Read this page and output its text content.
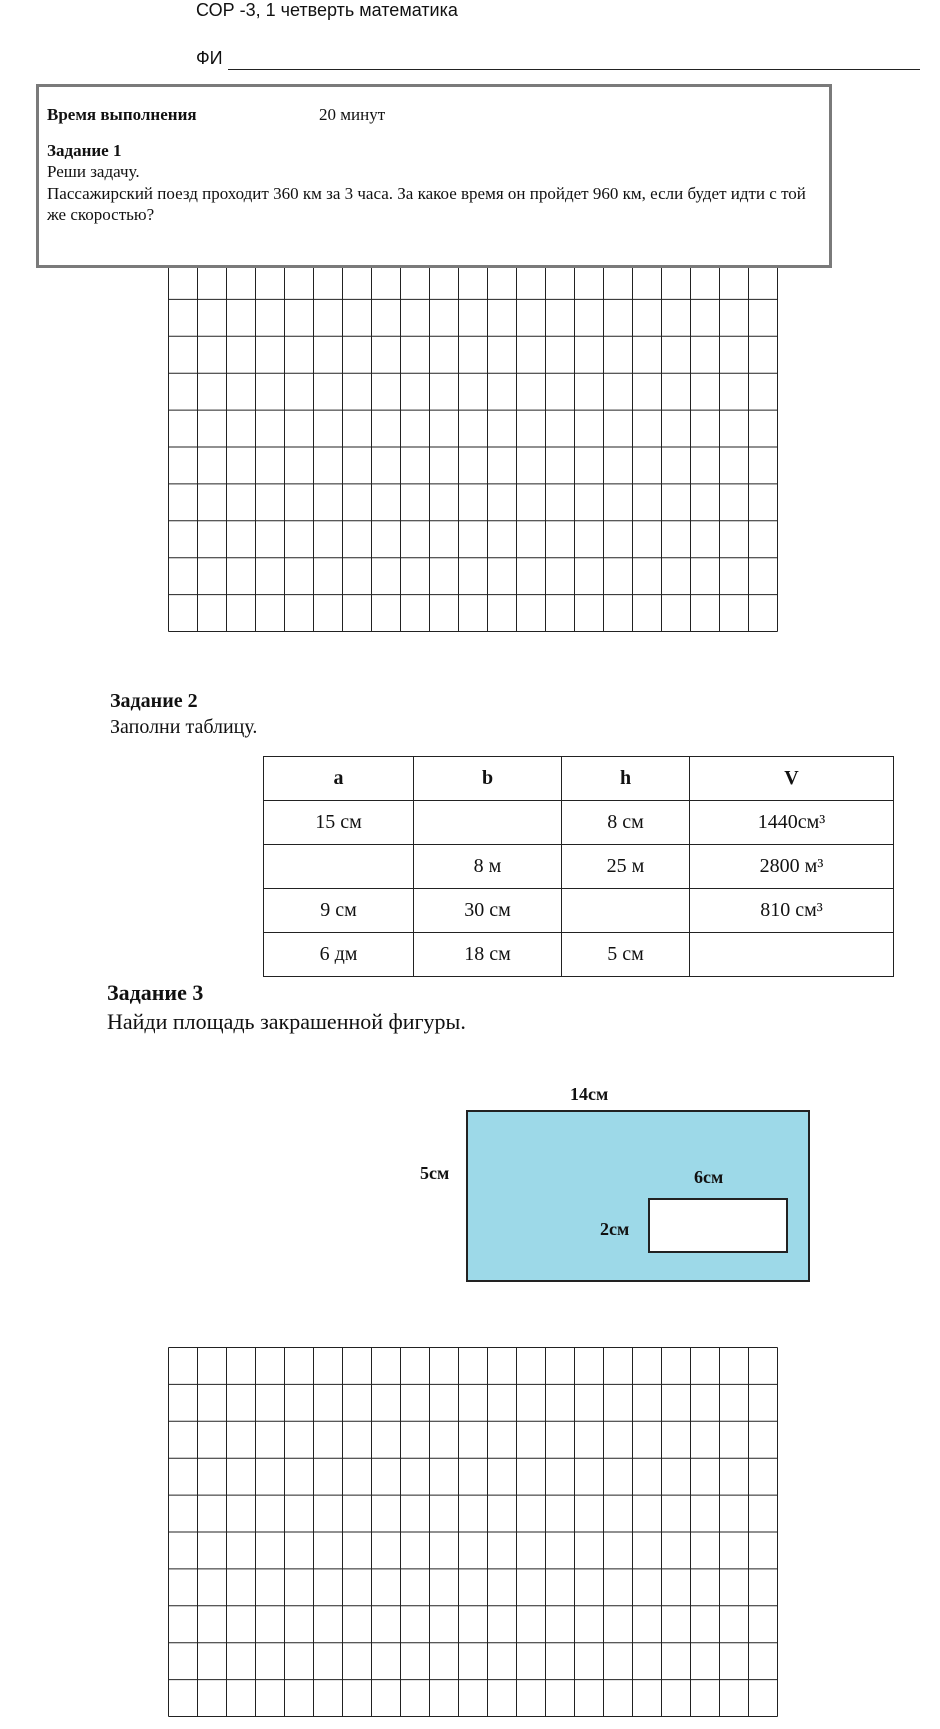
СОР -3, 1 четверть математика
ФИ
Время выполнения	20 минут
Задание 1
Реши задачу.
Пассажирский поезд проходит 360 км за 3 часа. За какое время он пройдет 960 км, если будет идти с той же скоростью?
Задание 2
Заполни таблицу.
a	b	h	V
15 см		8 см	1440см³
	8 м	25 м	2800 м³
9 см	30 см		810 см³
6 дм	18 см	5 см	
Задание 3
Найди площадь закрашенной фигуры.
14см
5см	6см
2см
